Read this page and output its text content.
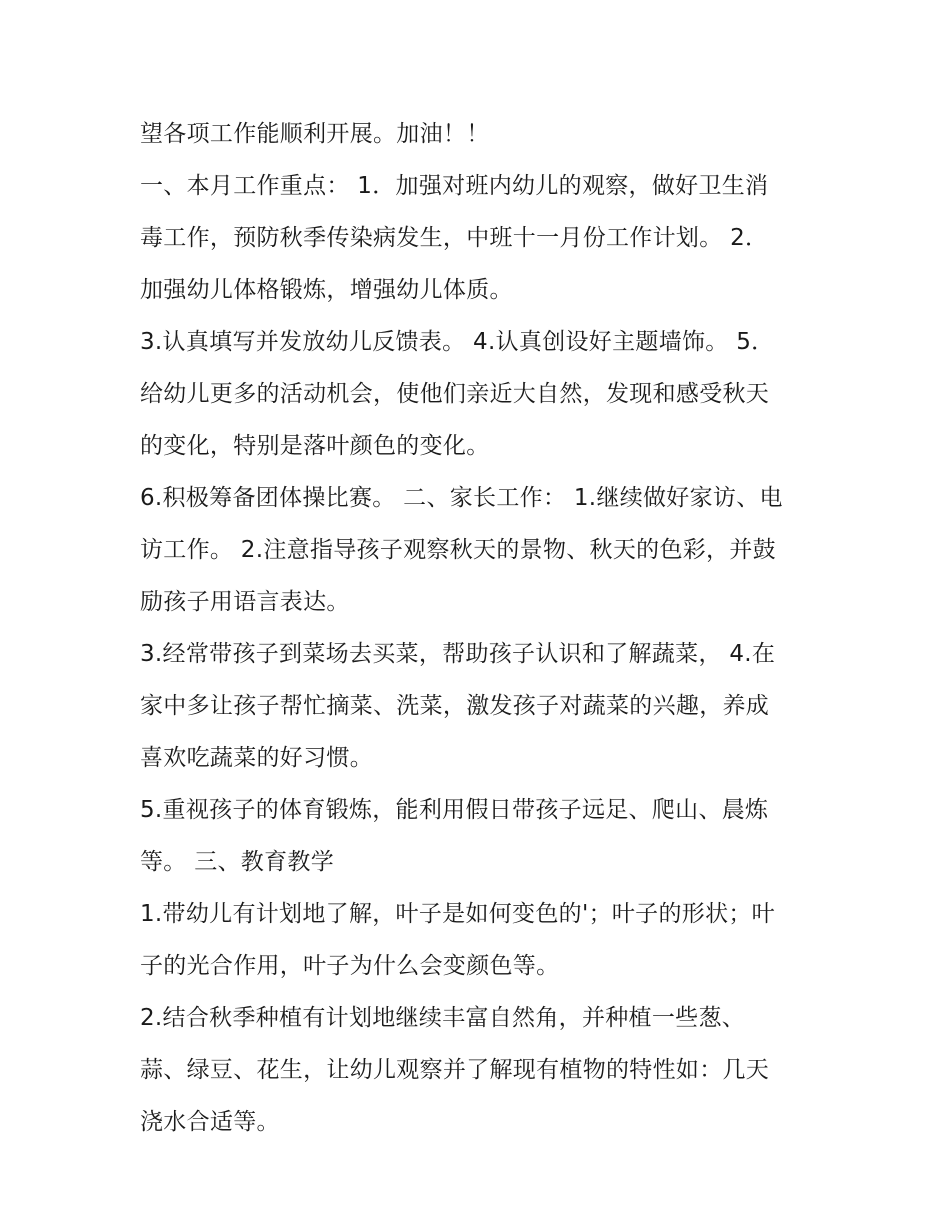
望各项工作能顺利开展。加油！！
一、本月工作重点： 1．加强对班内幼儿的观察，做好卫生消
毒工作，预防秋季传染病发生，中班十一月份工作计划。 2．
加强幼儿体格锻炼，增强幼儿体质。
3.认真填写并发放幼儿反馈表。 4.认真创设好主题墙饰。 5．
给幼儿更多的活动机会，使他们亲近大自然，发现和感受秋天
的变化，特别是落叶颜色的变化。
6.积极筹备团体操比赛。 二、家长工作： 1.继续做好家访、电
访工作。 2.注意指导孩子观察秋天的景物、秋天的色彩，并鼓
励孩子用语言表达。
3.经常带孩子到菜场去买菜，帮助孩子认识和了解蔬菜， 4.在
家中多让孩子帮忙摘菜、洗菜，激发孩子对蔬菜的兴趣，养成
喜欢吃蔬菜的好习惯。
5.重视孩子的体育锻炼，能利用假日带孩子远足、爬山、晨炼
等。 三、教育教学
1.带幼儿有计划地了解，叶子是如何变色的'；叶子的形状；叶
子的光合作用，叶子为什么会变颜色等。
2.结合秋季种植有计划地继续丰富自然角，并种植一些葱、
蒜、绿豆、花生，让幼儿观察并了解现有植物的特性如：几天
浇水合适等。
